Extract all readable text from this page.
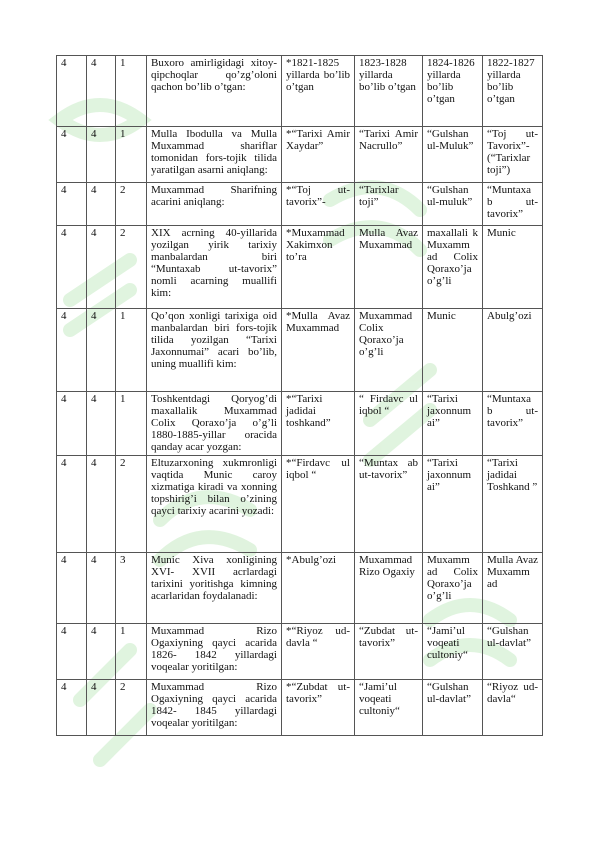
4	4	1	Buxoro amirligidagi xitoy-qipchoqlar qo’zg’oloni qachon bo’lib o’tgan:	*1821-1825 yillarda bo’lib o’tgan	1823-1828 yillarda bo’lib o’tgan	1824-1826 yillarda bo’lib o’tgan	1822-1827 yillarda bo’lib o’tgan
4	4	1	Mulla Ibodulla va Mulla Muxammad shariflar tomonidan fors-tojik tilida yaratilgan asarni aniqlang:	*“Tarixi Amir Xaydar”	“Tarixi Amir Nacrullo”	“Gulshan ul-Muluk”	“Toj ut-Tavorix”-(“Tarixlar toji”)
4	4	2	Muxammad Sharifning acarini aniqlang:	*“Toj ut-tavorix”-	“Tarixlar toji”	“Gulshan ul-muluk”	“Muntaxa b ut-tavorix”
4	4	2	XIX acrning 40-yillarida yozilgan yirik tarixiy manbalardan biri “Muntaxab ut-tavorix” nomli acarning muallifi kim:	*Muxammad Xakimxon to’ra	Mulla Avaz Muxammad	maxallali k Muxamm ad Colix Qoraxo’ja o’g’li	Munic
4	4	1	Qo’qon xonligi tarixiga oid manbalardan biri fors-tojik tilida yozilgan “Tarixi Jaxonnumai” acari bo’lib, uning muallifi kim:	*Mulla Avaz Muxammad	Muxammad Colix Qoraxo’ja o’g’li	Munic	Abulg’ozi
4	4	1	Toshkentdagi Qoryog’di maxallalik Muxammad Colix Qoraxo’ja o’g’li 1880-1885-yillar oracida qanday acar yozgan:	*“Tarixi jadidai toshkand”	“ Firdavc ul iqbol “	“Tarixi jaxonnum ai”	“Muntaxa b ut-tavorix”
4	4	2	Eltuzarxoning xukmronligi vaqtida Munic caroy xizmatiga kiradi va xonning topshirig’i bilan o’zining qayci tarixiy acarini yozadi:	*“Firdavc ul iqbol “	“Muntax ab ut-tavorix”	“Tarixi jaxonnum ai”	“Tarixi jadidai Toshkand ”
4	4	3	Munic Xiva xonligining XVI- XVII acrlardagi tarixini yoritishga kimning acarlaridan foydalanadi:	*Abulg’ozi	Muxammad Rizo Ogaxiy	Muxamm ad Colix Qoraxo’ja o’g’li	Mulla Avaz Muxamm ad
4	4	1	Muxammad Rizo Ogaxiyning qayci acarida 1826- 1842 yillardagi voqealar yoritilgan:	*“Riyoz ud-davla “	“Zubdat ut-tavorix”	“Jami’ul voqeati cultoniy“	“Gulshan ul-davlat”
4	4	2	Muxammad Rizo Ogaxiyning qayci acarida 1842- 1845 yillardagi voqealar yoritilgan:	*“Zubdat ut-tavorix”	“Jami’ul voqeati cultoniy“	“Gulshan ul-davlat”	“Riyoz ud-davla“
